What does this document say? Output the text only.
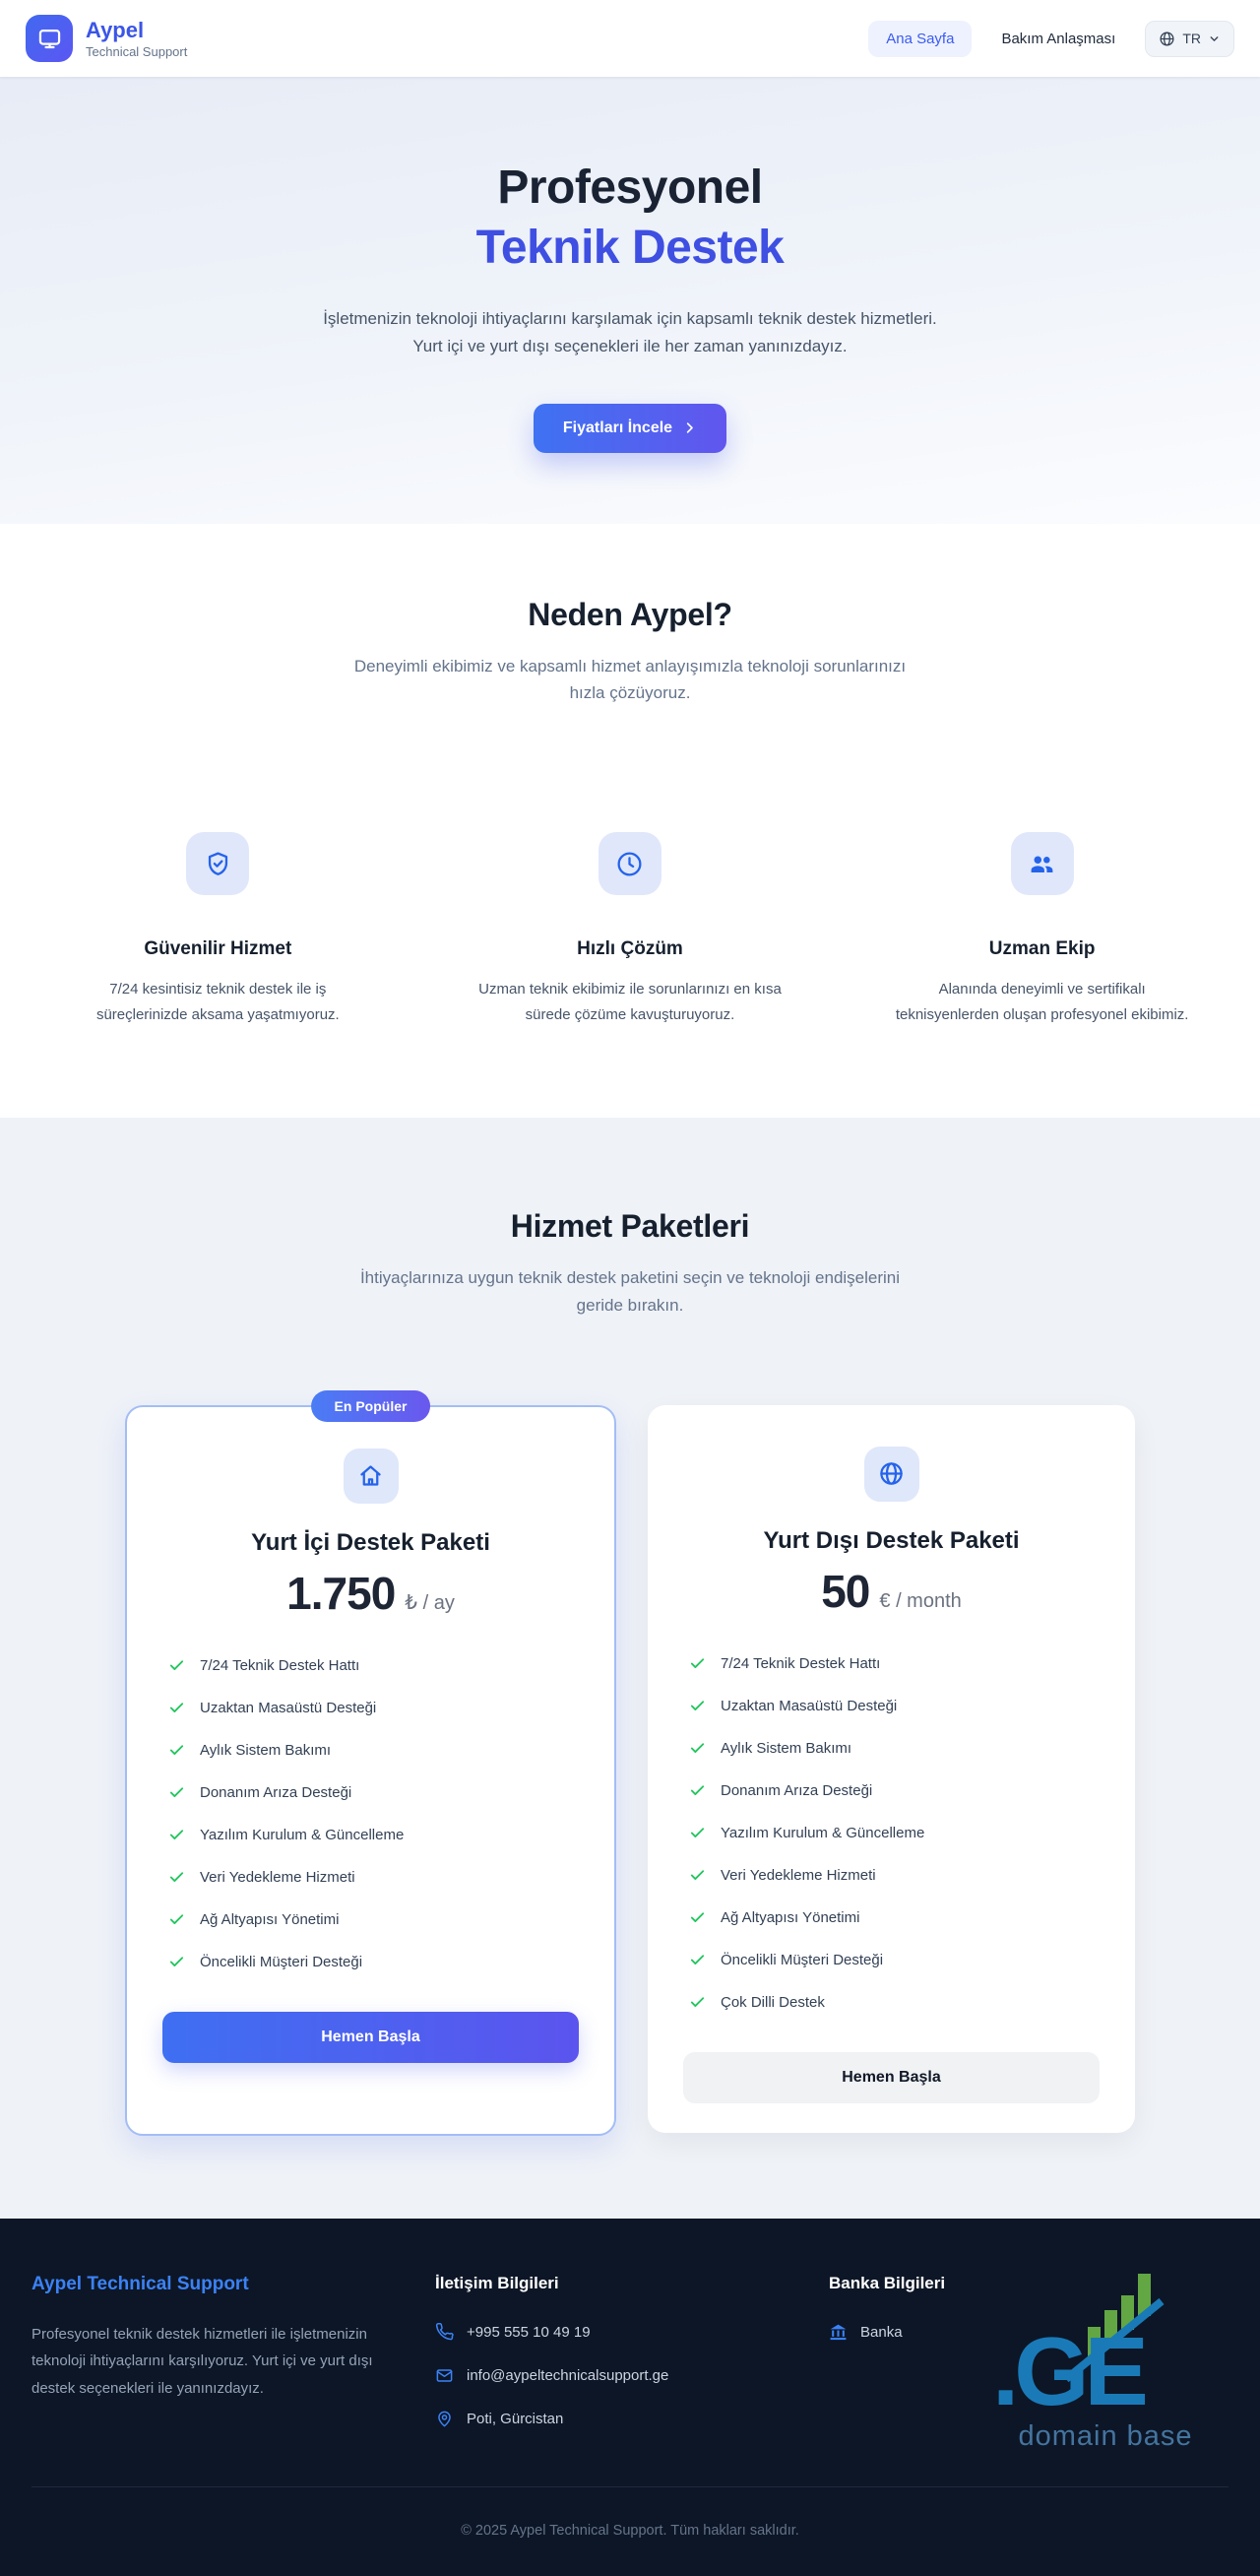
Aypel
Technical Support
Ana Sayfa	Bakım Anlaşması	TR
Profesyonel
Teknik Destek

İşletmenizin teknoloji ihtiyaçlarını karşılamak için kapsamlı teknik destek hizmetleri. Yurt içi ve yurt dışı seçenekleri ile her zaman yanınızdayız.

Fiyatları İncele
Neden Aypel?

Deneyimli ekibimiz ve kapsamlı hizmet anlayışımızla teknoloji sorunlarınızı hızla çözüyoruz.

Güvenilir Hizmet

7/24 kesintisiz teknik destek ile iş süreçlerinizde aksama yaşatmıyoruz.

Hızlı Çözüm

Uzman teknik ekibimiz ile sorunlarınızı en kısa sürede çözüme kavuşturuyoruz.

Uzman Ekip

Alanında deneyimli ve sertifikalı teknisyenlerden oluşan profesyonel ekibimiz.

Hizmet Paketleri

İhtiyaçlarınıza uygun teknik destek paketini seçin ve teknoloji endişelerini geride bırakın.

En Popüler
Yurt İçi Destek Paketi
1.750 ₺ / ay
7/24 Teknik Destek Hattı
Uzaktan Masaüstü Desteği
Aylık Sistem Bakımı
Donanım Arıza Desteği
Yazılım Kurulum & Güncelleme
Veri Yedekleme Hizmeti
Ağ Altyapısı Yönetimi
Öncelikli Müşteri Desteği
Hemen Başla
Yurt Dışı Destek Paketi
50 € / month
7/24 Teknik Destek Hattı
Uzaktan Masaüstü Desteği
Aylık Sistem Bakımı
Donanım Arıza Desteği
Yazılım Kurulum & Güncelleme
Veri Yedekleme Hizmeti
Ağ Altyapısı Yönetimi
Öncelikli Müşteri Desteği
Çok Dilli Destek
Hemen Başla
Aypel Technical Support

Profesyonel teknik destek hizmetleri ile işletmenizin teknoloji ihtiyaçlarını karşılıyoruz. Yurt içi ve yurt dışı destek seçenekleri ile yanınızdayız.

İletişim Bilgileri
+995 555 10 49 19
info@aypeltechnicalsupport.ge
Poti, Gürcistan
Banka Bilgileri
Banka .GE
domain base
© 2025 Aypel Technical Support. Tüm hakları saklıdır.
